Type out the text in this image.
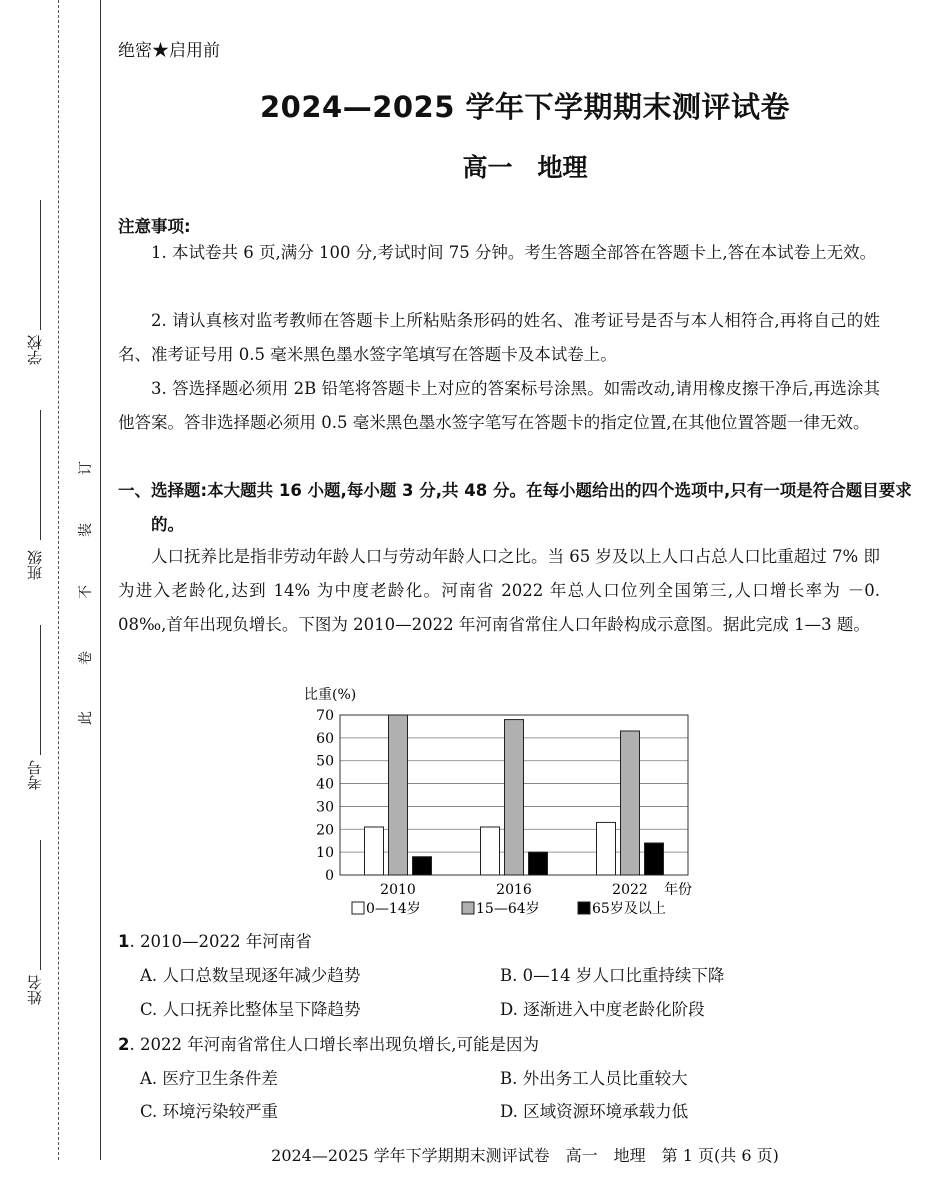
学校
班级
考号
姓名
订
装
不
卷
此
绝密★启用前
2024—2025 学年下学期期末测评试卷
高一　地理
注意事项:
1. 本试卷共 6 页,满分 100 分,考试时间 75 分钟。考生答题全部答在答题卡上,答在本试卷上无效。
2. 请认真核对监考教师在答题卡上所粘贴条形码的姓名、准考证号是否与本人相符合,再将自己的姓名、准考证号用 0.5 毫米黑色墨水签字笔填写在答题卡及本试卷上。
3. 答选择题必须用 2B 铅笔将答题卡上对应的答案标号涂黑。如需改动,请用橡皮擦干净后,再选涂其他答案。答非选择题必须用 0.5 毫米黑色墨水签字笔写在答题卡的指定位置,在其他位置答题一律无效。
一、选择题:本大题共 16 小题,每小题 3 分,共 48 分。在每小题给出的四个选项中,只有一项是符合题目要求的。
人口抚养比是指非劳动年龄人口与劳动年龄人口之比。当 65 岁及以上人口占总人口比重超过 7% 即为进入老龄化,达到 14% 为中度老龄化。河南省 2022 年总人口位列全国第三,人口增长率为 －0. 08‰,首年出现负增长。下图为 2010—2022 年河南省常住人口年龄构成示意图。据此完成 1—3 题。
0
10
20
30
40
50
60
70
比重(%)
2010	2016	2022 年份
0—14岁	15—64岁	65岁及以上
1. 2010—2022 年河南省
A. 人口总数呈现逐年减少趋势	B. 0—14 岁人口比重持续下降
C. 人口抚养比整体呈下降趋势	D. 逐渐进入中度老龄化阶段
2. 2022 年河南省常住人口增长率出现负增长,可能是因为
A. 医疗卫生条件差	B. 外出务工人员比重较大
C. 环境污染较严重	D. 区域资源环境承载力低
2024—2025 学年下学期期末测评试卷　高一　地理　第 1 页(共 6 页)
